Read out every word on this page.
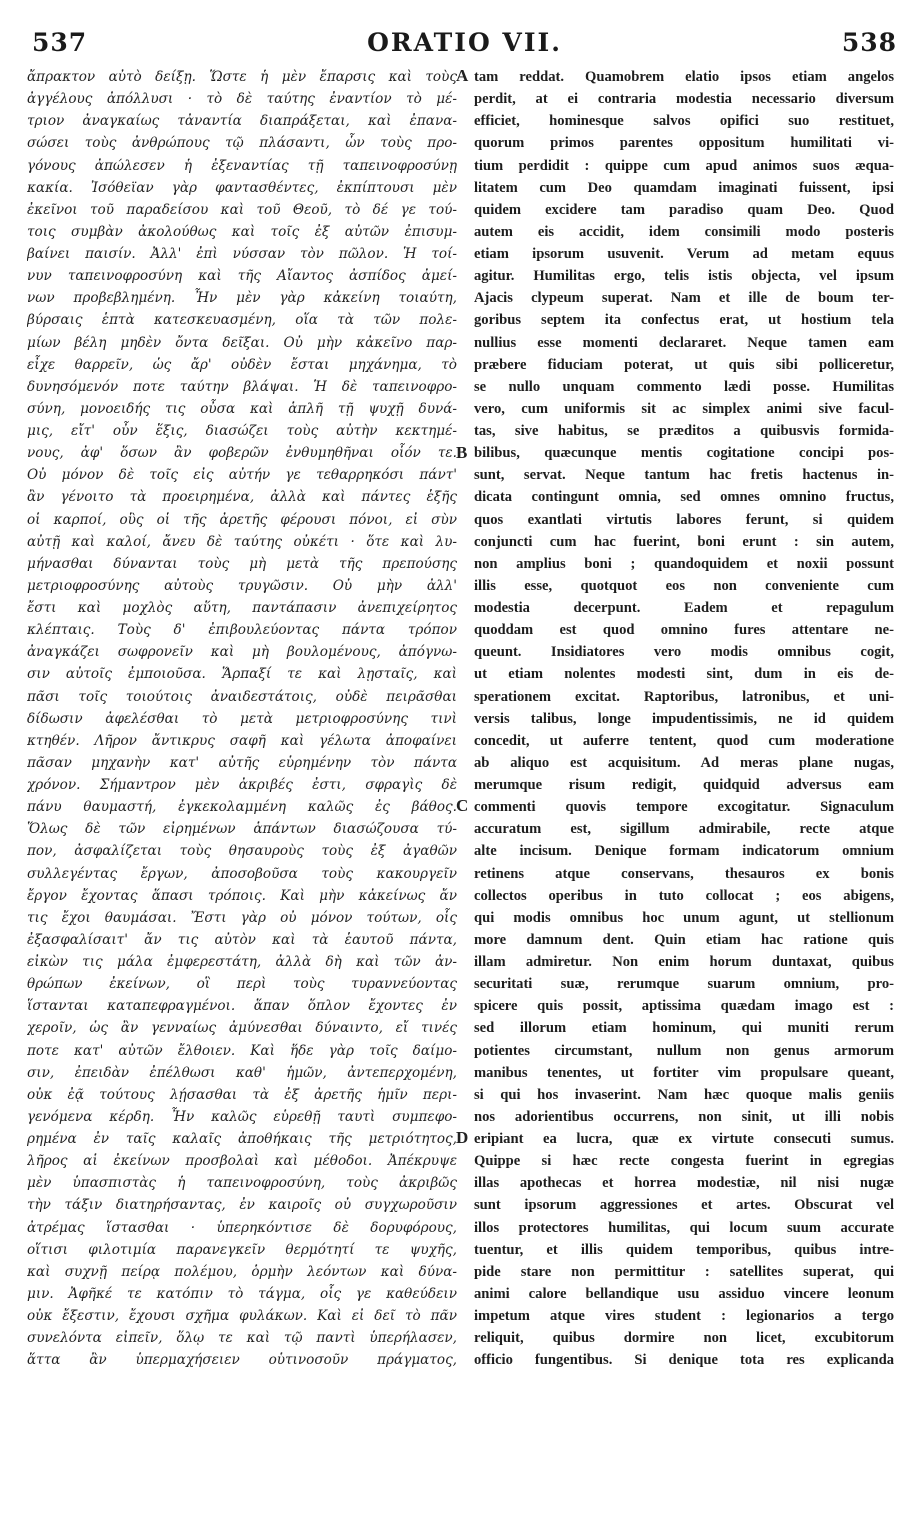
ORATIO VII.
537	538
ἄπρακτον αὐτὸ δείξῃ. Ὥστε ἡ μὲν ἔπαρσις καὶ τοὺς
ἀγγέλους ἀπόλλυσι · τὸ δὲ ταύτης ἐναντίον τὸ μέ-
τριον ἀναγκαίως τἀναντία διαπράξεται, καὶ ἐπανα-
σώσει τοὺς ἀνθρώπους τῷ πλάσαντι, ὧν τοὺς προ-
γόνους ἀπώλεσεν ἡ ἐξεναντίας τῇ ταπεινοφροσύνῃ
κακία. Ἰσόθεϊαν γὰρ φαντασθέντες, ἐκπίπτουσι μὲν
ἐκεῖνοι τοῦ παραδείσου καὶ τοῦ Θεοῦ, τὸ δέ γε τού-
τοις συμβὰν ἀκολούθως καὶ τοῖς ἐξ αὐτῶν ἐπισυμ-
βαίνει παισίν. Ἀλλ' ἐπὶ νύσσαν τὸν πῶλον. Ἡ τοί-
νυν ταπεινοφροσύνη καὶ τῆς Αἴαντος ἀσπίδος ἀμεί-
νων προβεβλημένη. Ἦν μὲν γὰρ κἀκείνη τοιαύτη,
βύρσαις ἑπτὰ κατεσκευασμένη, οἵα τὰ τῶν πολε-
μίων βέλη μηδὲν ὄντα δεῖξαι. Οὐ μὴν κἀκεῖνο παρ-
εἶχε θαρρεῖν, ὡς ἄρ' οὐδὲν ἔσται μηχάνημα, τὸ
δυνησόμενόν ποτε ταύτην βλάψαι. Ἡ δὲ ταπεινοφρο-
σύνη, μονοειδής τις οὖσα καὶ ἁπλῆ τῇ ψυχῇ δυνά-
μις, εἴτ' οὖν ἕξις, διασώζει τοὺς αὐτὴν κεκτημέ-
νους, ἀφ' ὅσων ἂν φοβερῶν ἐνθυμηθῆναι οἷόν τε.
Οὐ μόνον δὲ τοῖς εἰς αὐτήν γε τεθαρρηκόσι πάντ'
ἂν γένοιτο τὰ προειρημένα, ἀλλὰ καὶ πάντες ἑξῆς
οἱ καρποί, οὓς οἱ τῆς ἀρετῆς φέρουσι πόνοι, εἰ σὺν
αὐτῇ καὶ καλοί, ἄνευ δὲ ταύτης οὐκέτι · ὅτε καὶ λυ-
μήνασθαι δύνανται τοὺς μὴ μετὰ τῆς πρεπούσης
μετριοφροσύνης αὐτοὺς τρυγῶσιν. Οὐ μὴν ἀλλ'
ἔστι καὶ μοχλὸς αὕτη, παντάπασιν ἀνεπιχείρητος
κλέπταις. Τοὺς δ' ἐπιβουλεύοντας πάντα τρόπον
ἀναγκάζει σωφρονεῖν καὶ μὴ βουλομένους, ἀπόγνω-
σιν αὐτοῖς ἐμποιοῦσα. Ἅρπαξί τε καὶ λῃσταῖς, καὶ
πᾶσι τοῖς τοιούτοις ἀναιδεστάτοις, οὐδὲ πειρᾶσθαι
δίδωσιν ἀφελέσθαι τὸ μετὰ μετριοφροσύνης τινὶ
κτηθέν. Λῆρον ἄντικρυς σαφῆ καὶ γέλωτα ἀποφαίνει
πᾶσαν μηχανὴν κατ' αὐτῆς εὑρημένην τὸν πάντα
χρόνον. Σήμαντρον μὲν ἀκριβές ἐστι, σφραγὶς δὲ
πάνυ θαυμαστή, ἐγκεκολαμμένη καλῶς ἐς βάθος.
Ὅλως δὲ τῶν εἰρημένων ἁπάντων διασώζουσα τύ-
πον, ἀσφαλίζεται τοὺς θησαυροὺς τοὺς ἐξ ἀγαθῶν
συλλεγέντας ἔργων, ἀποσοβοῦσα τοὺς κακουργεῖν
ἔργον ἔχοντας ἅπασι τρόποις. Καὶ μὴν κἀκείνως ἄν
τις ἔχοι θαυμάσαι. Ἔστι γὰρ οὐ μόνον τούτων, οἷς
ἐξασφαλίσαιτ' ἄν τις αὐτὸν καὶ τὰ ἑαυτοῦ πάντα,
εἰκὼν τις μάλα ἐμφερεστάτη, ἀλλὰ δὴ καὶ τῶν ἀν-
θρώπων ἐκείνων, οἳ περὶ τοὺς τυραννεύοντας
ἵστανται καταπεφραγμένοι. ἅπαν ὅπλον ἔχοντες ἐν
χεροῖν, ὡς ἂν γενναίως ἀμύνεσθαι δύναιντο, εἴ τινές
ποτε κατ' αὐτῶν ἔλθοιεν. Καὶ ἥδε γὰρ τοῖς δαίμο-
σιν, ἐπειδὰν ἐπέλθωσι καθ' ἡμῶν, ἀντεπερχομένη,
οὐκ ἐᾷ τούτους λῄσασθαι τὰ ἐξ ἀρετῆς ἡμῖν περι-
γενόμενα κέρδη. Ἦν καλῶς εὑρεθῇ ταυτὶ συμπεφο-
ρημένα ἐν ταῖς καλαῖς ἀποθήκαις τῆς μετριότητος,
λῆρος αἱ ἐκείνων προσβολαὶ καὶ μέθοδοι. Ἀπέκρυψε
μὲν ὑπασπιστὰς ἡ ταπεινοφροσύνη, τοὺς ἀκριβῶς
τὴν τάξιν διατηρήσαντας, ἐν καιροῖς οὐ συγχωροῦσιν
ἀτρέμας ἵστασθαι · ὑπερηκόντισε δὲ δορυφόρους,
οἵτισι φιλοτιμία παρανεγκεῖν θερμότητί τε ψυχῆς,
καὶ συχνῇ πείρᾳ πολέμου, ὁρμὴν λεόντων καὶ δύνα-
μιν. Ἀφῆκέ τε κατόπιν τὸ τάγμα, οἷς γε καθεύδειν
οὐκ ἔξεστιν, ἔχουσι σχῆμα φυλάκων. Καὶ εἰ δεῖ τὸ πᾶν
συνελόντα εἰπεῖν, ὅλῳ τε καὶ τῷ παντὶ ὑπερήλασεν,
ἅττα ἂν ὑπερμαχήσειεν οὑτινοσοῦν πράγματος,
tam reddat. Quamobrem elatio ipsos etiam angelos
perdit, at ei contraria modestia necessario diversum
efficiet, hominesque salvos opifici suo restituet,
quorum primos parentes oppositum humilitati vi-
tium perdidit : quippe cum apud animos suos æqua-
litatem cum Deo quamdam imaginati fuissent, ipsi
quidem excidere tam paradiso quam Deo. Quod
autem eis accidit, idem consimili modo posteris
etiam ipsorum usuvenit. Verum ad metam equus
agitur. Humilitas ergo, telis istis objecta, vel ipsum
Ajacis clypeum superat. Nam et ille de boum ter-
goribus septem ita confectus erat, ut hostium tela
nullius esse momenti declararet. Neque tamen eam
præbere fiduciam poterat, ut quis sibi polliceretur,
se nullo unquam commento lædi posse. Humilitas
vero, cum uniformis sit ac simplex animi sive facul-
tas, sive habitus, se præditos a quibusvis formida-
bilibus, quæcunque mentis cogitatione concipi pos-
sunt, servat. Neque tantum hac fretis hactenus in-
dicata contingunt omnia, sed omnes omnino fructus,
quos exantlati virtutis labores ferunt, si quidem
conjuncti cum hac fuerint, boni erunt : sin autem,
non amplius boni ; quandoquidem et noxii possunt
illis esse, quotquot eos non conveniente cum
modestia decerpunt. Eadem et repagulum
quoddam est quod omnino fures attentare ne-
queunt. Insidiatores vero modis omnibus cogit,
ut etiam nolentes modesti sint, dum in eis de-
sperationem excitat. Raptoribus, latronibus, et uni-
versis talibus, longe impudentissimis, ne id quidem
concedit, ut auferre tentent, quod cum moderatione
ab aliquo est acquisitum. Ad meras plane nugas,
merumque risum redigit, quidquid adversus eam
commenti quovis tempore excogitatur. Signaculum
accuratum est, sigillum admirabile, recte atque
alte incisum. Denique formam indicatorum omnium
retinens atque conservans, thesauros ex bonis
collectos operibus in tuto collocat ; eos abigens,
qui modis omnibus hoc unum agunt, ut stellionum
more damnum dent. Quin etiam hac ratione quis
illam admiretur. Non enim horum duntaxat, quibus
securitati suæ, rerumque suarum omnium, pro-
spicere quis possit, aptissima quædam imago est :
sed illorum etiam hominum, qui muniti rerum
potientes circumstant, nullum non genus armorum
manibus tenentes, ut fortiter vim propulsare queant,
si qui hos invaserint. Nam hæc quoque malis geniis
nos adorientibus occurrens, non sinit, ut illi nobis
eripiant ea lucra, quæ ex virtute consecuti sumus.
Quippe si hæc recte congesta fuerint in egregias
illas apothecas et horrea modestiæ, nil nisi nugæ
sunt ipsorum aggressiones et artes. Obscurat vel
illos protectores humilitas, qui locum suum accurate
tuentur, et illis quidem temporibus, quibus intre-
pide stare non permittitur : satellites superat, qui
animi calore bellandique usu assiduo vincere leonum
impetum atque vires student : legionarios a tergo
reliquit, quibus dormire non licet, excubitorum
officio fungentibus. Si denique tota res explicanda
A
B
C
D
